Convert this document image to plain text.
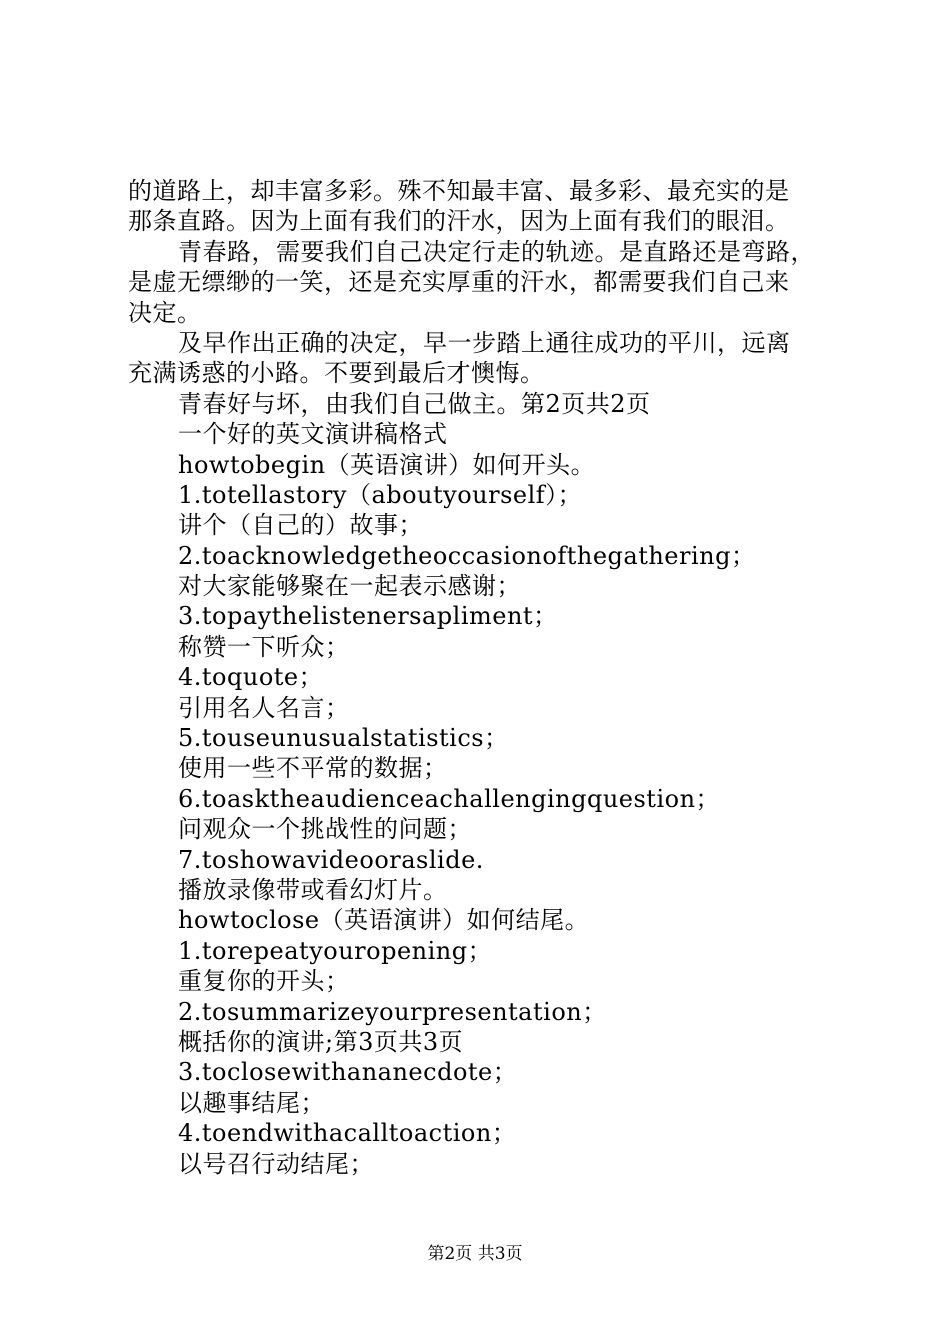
的道路上，却丰富多彩。殊不知最丰富、最多彩、最充实的是
那条直路。因为上面有我们的汗水，因为上面有我们的眼泪。
青春路，需要我们自己决定行走的轨迹。是直路还是弯路，
是虚无缥缈的一笑，还是充实厚重的汗水，都需要我们自己来
决定。
及早作出正确的决定，早一步踏上通往成功的平川，远离
充满诱惑的小路。不要到最后才懊悔。
青春好与坏，由我们自己做主。第2页共2页
一个好的英文演讲稿格式
howtobegin（英语演讲）如何开头。
1.totellastory（aboutyourself）；
讲个（自己的）故事；
2.toacknowledgetheoccasionofthegathering；
对大家能够聚在一起表示感谢；
3.topaythelistenersapliment；
称赞一下听众；
4.toquote；
引用名人名言；
5.touseunusualstatistics；
使用一些不平常的数据；
6.toasktheaudienceachallengingquestion；
问观众一个挑战性的问题；
7.toshowavideooraslide.
播放录像带或看幻灯片。
howtoclose（英语演讲）如何结尾。
1.torepeatyouropening；
重复你的开头；
2.tosummarizeyourpresentation；
概括你的演讲;第3页共3页
3.toclosewithananecdote；
以趣事结尾；
4.toendwithacalltoaction；
以号召行动结尾；
第2页 共3页
